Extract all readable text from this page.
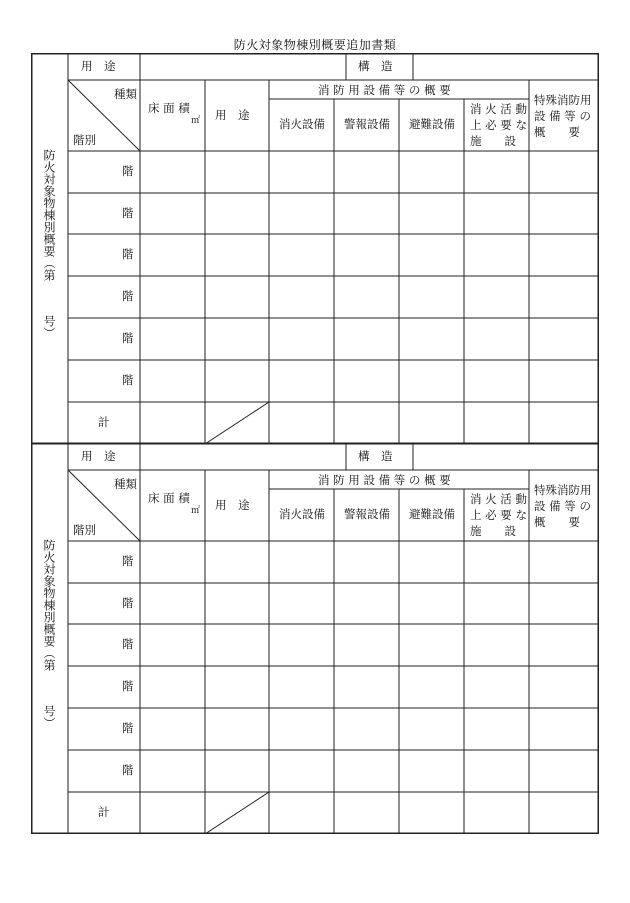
防火対象物棟別概要追加書類
防火対象物棟別概要（第号）
用　途	構　造
種類
階別
床 面 積
㎡ 用　途
消 防 用 設 備 等 の 概 要
消火設備 警報設備 避難設備
消 火 活 動
上 必 要 な
施　　設
特殊消防用
設 備 等 の
概　　要
階
階
階
階
階
階
計
防火対象物棟別概要（第号）
用　途	構　造
種類
階別
床 面 積
㎡ 用　途
消 防 用 設 備 等 の 概 要
消火設備 警報設備 避難設備
消 火 活 動
上 必 要 な
施　　設
特殊消防用
設 備 等 の
概　　要
階
階
階
階
階
階
計
